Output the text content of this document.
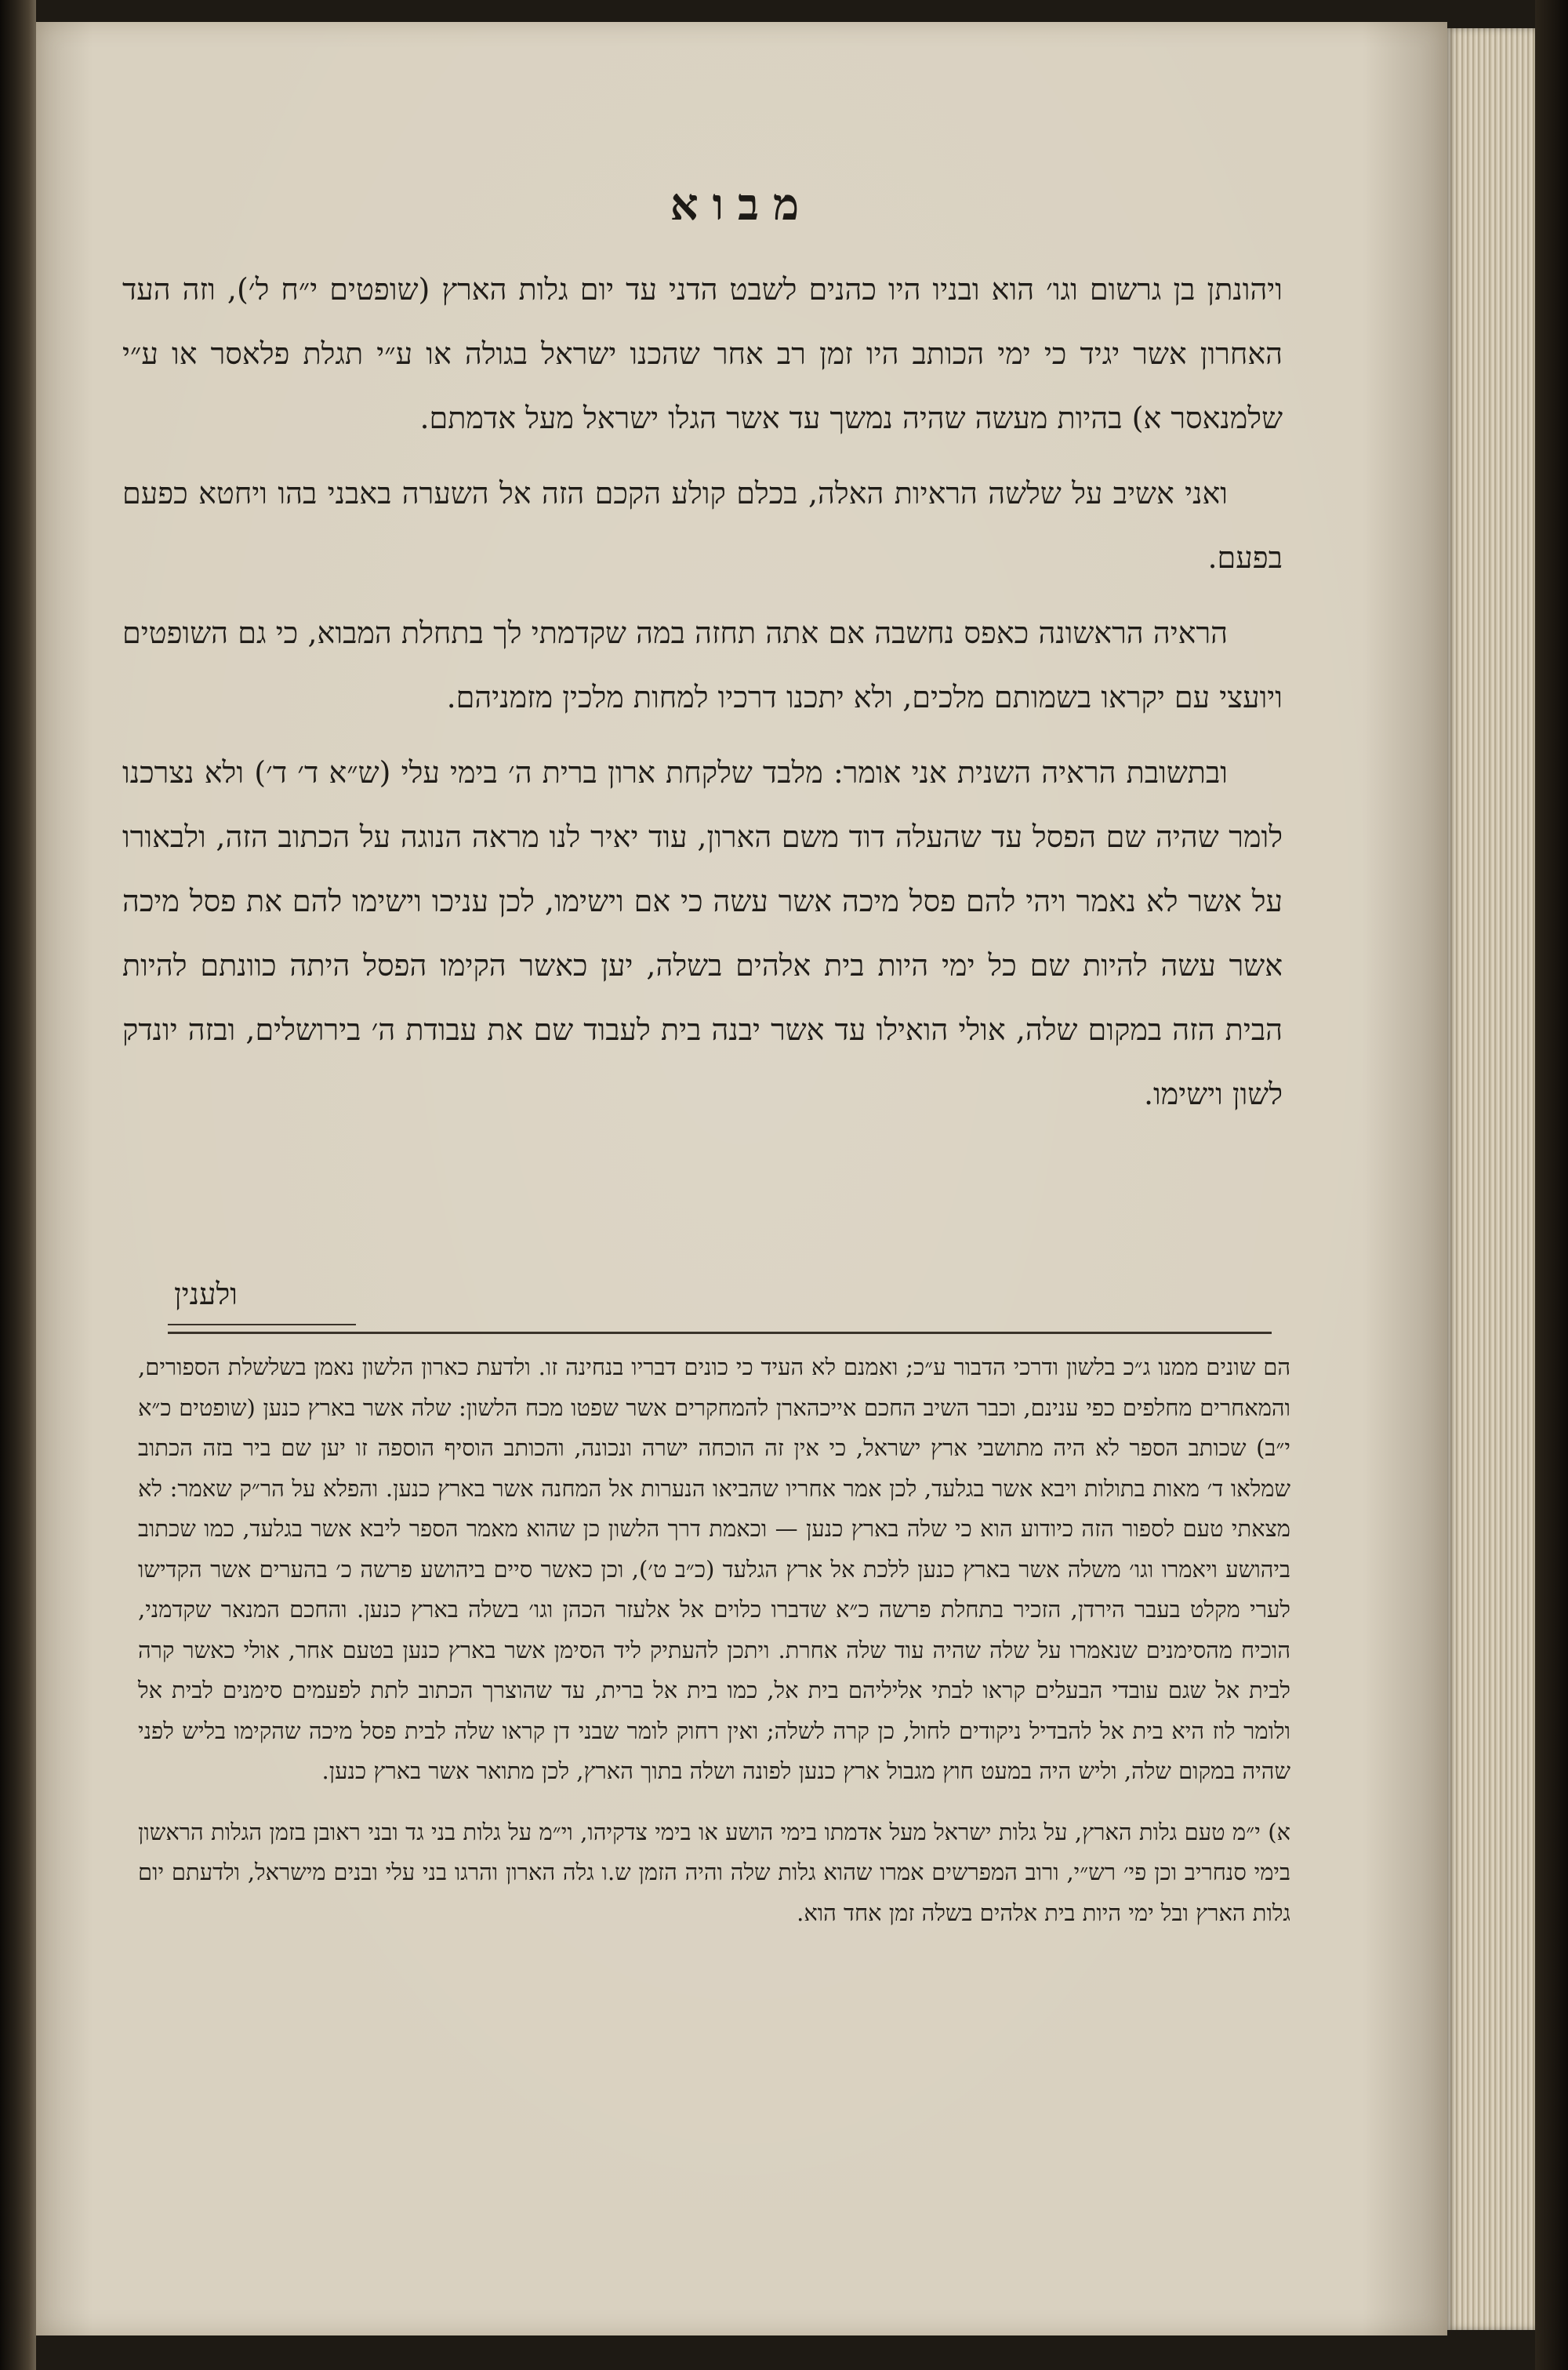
מבוא

ויהונתן בן גרשום וגו׳ הוא ובניו היו כהנים לשבט הדני עד יום גלות הארץ (שופטים י״ח ל׳), וזה העד האחרון אשר יגיד כי ימי הכותב היו זמן רב אחר שהכנו ישראל בגולה או ע״י תגלת פלאסר או ע״י שלמנאסר א) בהיות מעשה שהיה נמשך עד אשר הגלו ישראל מעל אדמתם.

ואני אשיב על שלשה הראיות האלה, בכלם קולע הקכם הזה אל השערה באבני בהו ויחטא כפעם בפעם.

הראיה הראשונה כאפס נחשבה אם אתה תחזה במה שקדמתי לך בתחלת המבוא, כי גם השופטים ויועצי עם יקראו בשמותם מלכים, ולא יתכנו דרכיו למחות מלכין מזמניהם.

ובתשובת הראיה השנית אני אומר: מלבד שלקחת ארון ברית ה׳ בימי עלי (ש״א ד׳ ד׳) ולא נצרכנו לומר שהיה שם הפסל עד שהעלה דוד משם הארון, עוד יאיר לנו מראה הנוגה על הכתוב הזה, ולבאורו על אשר לא נאמר ויהי להם פסל מיכה אשר עשה כי אם וישימו, לכן עניכו וישימו להם את פסל מיכה אשר עשה להיות שם כל ימי היות בית אלהים בשלה, יען כאשר הקימו הפסל היתה כוונתם להיות הבית הזה במקום שלה, אולי הואילו עד אשר יבנה בית לעבוד שם את עבודת ה׳ בירושלים, ובזה יונדק לשון וישימו.

ולענין

הם שונים ממנו ג״כ בלשון ודרכי הדבור ע״כ; ואמנם לא העיד כי כונים דבריו בנחינה זו. ולדעת כארון הלשון נאמן בשלשלת הספורים, והמאחרים מחלפים כפי ענינם, וכבר השיב החכם אייכהארן להמחקרים אשר שפטו מכח הלשון: שלה אשר בארץ כנען (שופטים כ״א י״ב) שכותב הספר לא היה מתושבי ארץ ישראל, כי אין זה הוכחה ישרה ונכונה, והכותב הוסיף הוספה זו יען שם ביר בזה הכתוב שמלאו ד׳ מאות בתולות ויבא אשר בגלעד, לכן אמר אחריו שהביאו הנערות אל המחנה אשר בארץ כנען. והפלא על הר״ק שאמר: לא מצאתי טעם לספור הזה כיודוע הוא כי שלה בארץ כנען — וכאמת דרך הלשון כן שהוא מאמר הספר ליבא אשר בגלעד, כמו שכתוב ביהושע ויאמרו וגו׳ משלה אשר בארץ כנען ללכת אל ארץ הגלעד (כ״ב ט׳), וכן כאשר סיים ביהושע פרשה כ׳ בהערים אשר הקדישו לערי מקלט בעבר הירדן, הזכיר בתחלת פרשה כ״א שדברו כלוים אל אלעזר הכהן וגו׳ בשלה בארץ כנען. והחכם המנאר שקדמני, הוכיח מהסימנים שנאמרו על שלה שהיה עוד שלה אחרת. ויתכן להעתיק ליד הסימן אשר בארץ כנען בטעם אחר, אולי כאשר קרה לבית אל שגם עובדי הבעלים קראו לבתי אליליהם בית אל, כמו בית אל ברית, עד שהוצרך הכתוב לתת לפעמים סימנים לבית אל ולומר לוז היא בית אל להבדיל ניקודים לחול, כן קרה לשלה; ואין רחוק לומר שבני דן קראו שלה לבית פסל מיכה שהקימו בליש לפני שהיה במקום שלה, וליש היה במעט חוץ מגבול ארץ כנען לפונה ושלה בתוך הארץ, לכן מתואר אשר בארץ כנען.

א) י״מ טעם גלות הארץ, על גלות ישראל מעל אדמתו בימי הושע או בימי צדקיהו, וי״מ על גלות בני גד ובני ראובן בזמן הגלות הראשון בימי סנחריב וכן פי׳ רש״י, ורוב המפרשים אמרו שהוא גלות שלה והיה הזמן ש.ו גלה הארון והרגו בני עלי ובנים מישראל, ולדעתם יום גלות הארץ ובל ימי היות בית אלהים בשלה זמן אחד הוא.
